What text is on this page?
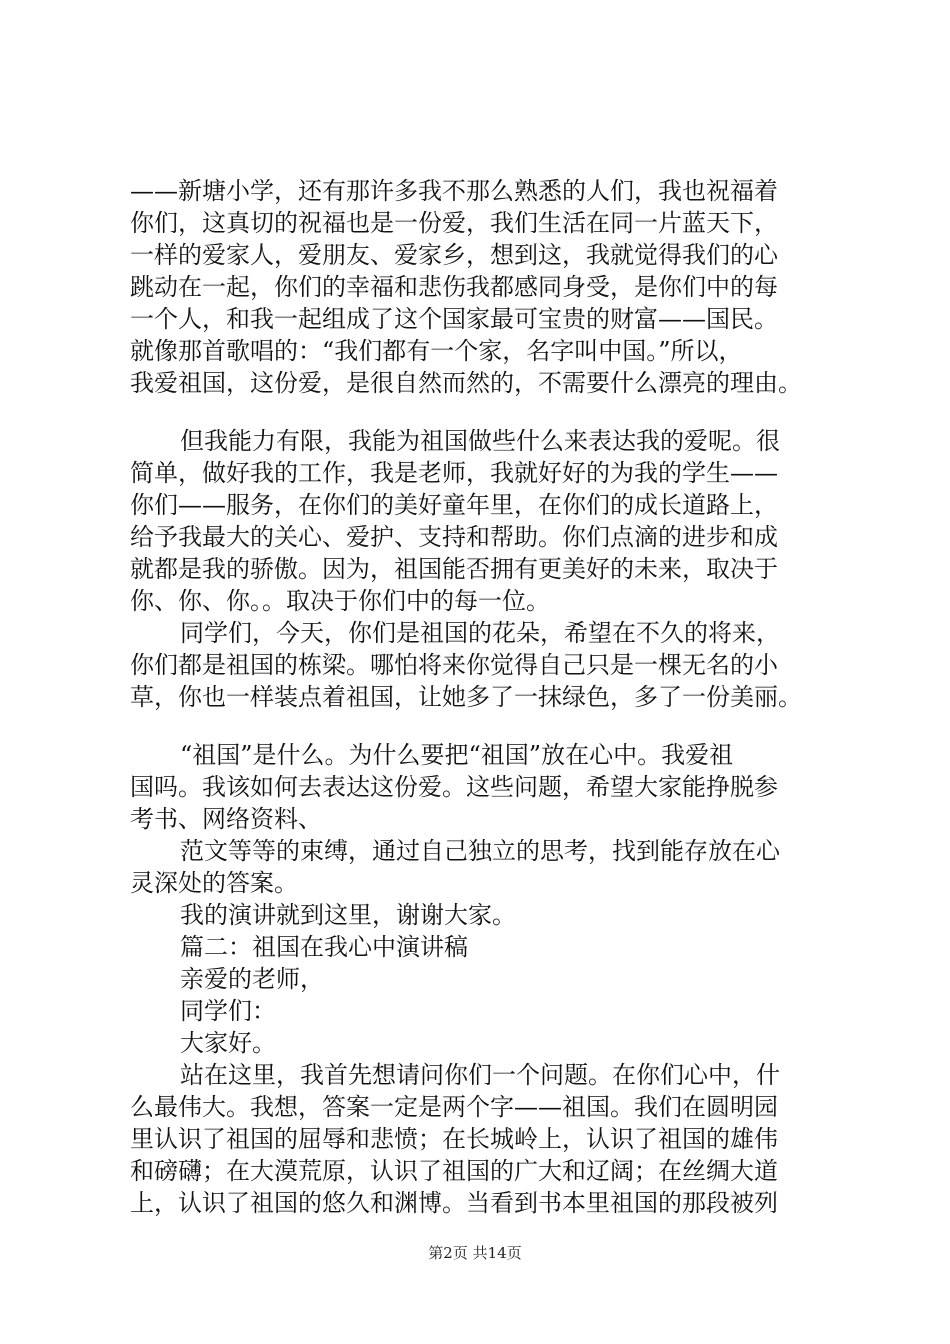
——新塘小学，还有那许多我不那么熟悉的人们，我也祝福着
你们，这真切的祝福也是一份爱，我们生活在同一片蓝天下，
一样的爱家人，爱朋友、爱家乡，想到这，我就觉得我们的心
跳动在一起，你们的幸福和悲伤我都感同身受，是你们中的每
一个人，和我一起组成了这个国家最可宝贵的财富——国民。
就像那首歌唱的：“我们都有一个家，名字叫中国。”所以，
我爱祖国，这份爱，是很自然而然的，不需要什么漂亮的理由。
但我能力有限，我能为祖国做些什么来表达我的爱呢。很
简单，做好我的工作，我是老师，我就好好的为我的学生——
你们——服务，在你们的美好童年里，在你们的成长道路上，
给予我最大的关心、爱护、支持和帮助。你们点滴的进步和成
就都是我的骄傲。因为，祖国能否拥有更美好的未来，取决于
你、你、你。。取决于你们中的每一位。
同学们，今天，你们是祖国的花朵，希望在不久的将来，
你们都是祖国的栋梁。哪怕将来你觉得自己只是一棵无名的小
草，你也一样装点着祖国，让她多了一抹绿色，多了一份美丽。
“祖国”是什么。为什么要把“祖国”放在心中。我爱祖
国吗。我该如何去表达这份爱。这些问题，希望大家能挣脱参
考书、网络资料、
范文等等的束缚，通过自己独立的思考，找到能存放在心
灵深处的答案。
我的演讲就到这里，谢谢大家。
篇二：祖国在我心中演讲稿
亲爱的老师，
同学们：
大家好。
站在这里，我首先想请问你们一个问题。在你们心中，什
么最伟大。我想，答案一定是两个字——祖国。我们在圆明园
里认识了祖国的屈辱和悲愤；在长城岭上，认识了祖国的雄伟
和磅礴；在大漠荒原，认识了祖国的广大和辽阔；在丝绸大道
上，认识了祖国的悠久和渊博。当看到书本里祖国的那段被列
第2页 共14页
